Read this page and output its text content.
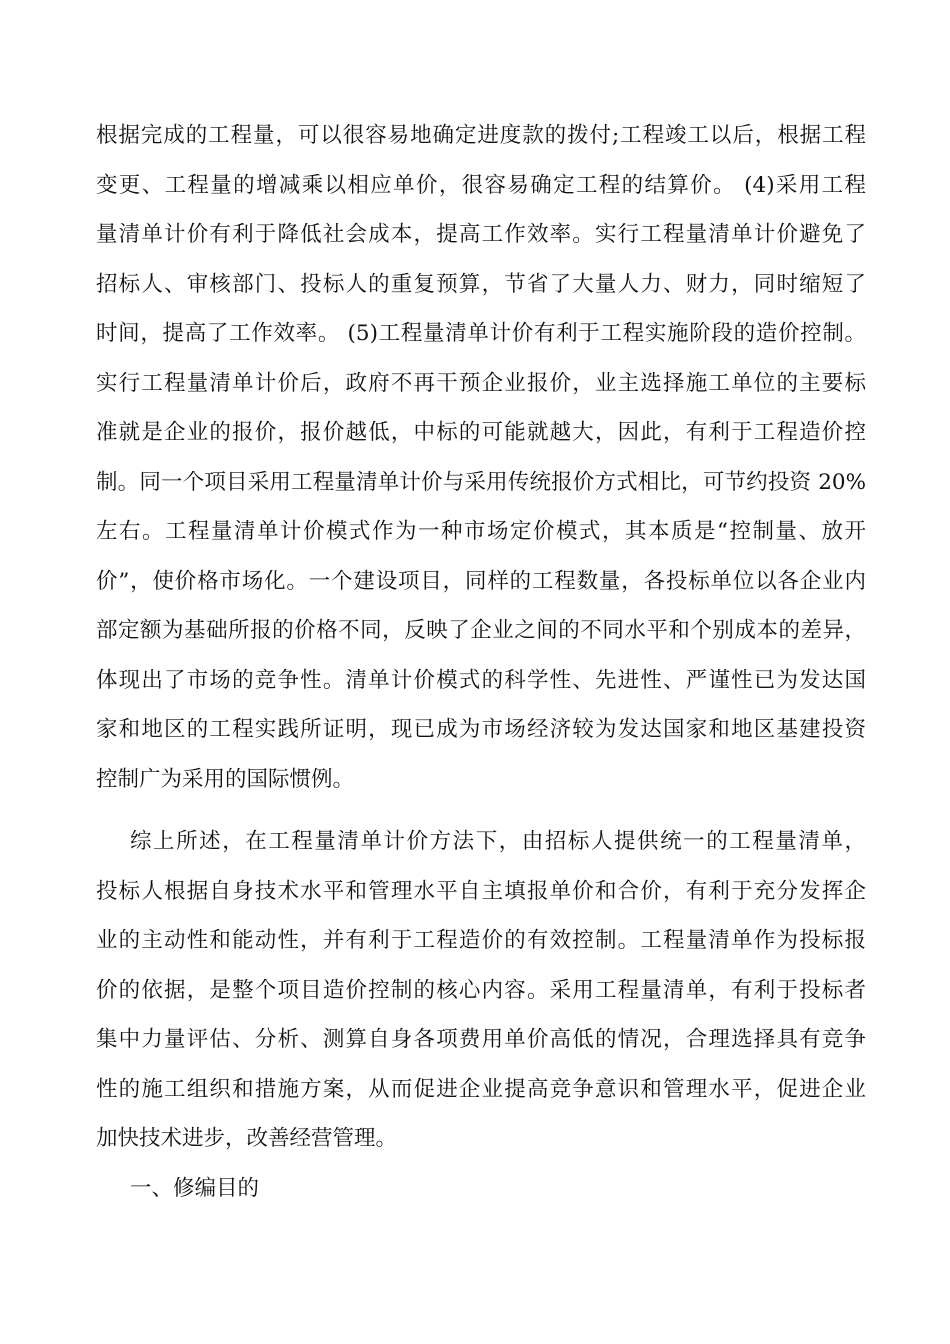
根据完成的工程量，可以很容易地确定进度款的拨付;工程竣工以后，根据工程
变更、工程量的增减乘以相应单价，很容易确定工程的结算价。 (4)采用工程
量清单计价有利于降低社会成本，提高工作效率。实行工程量清单计价避免了
招标人、审核部门、投标人的重复预算，节省了大量人力、财力，同时缩短了
时间，提高了工作效率。 (5)工程量清单计价有利于工程实施阶段的造价控制。
实行工程量清单计价后，政府不再干预企业报价，业主选择施工单位的主要标
准就是企业的报价，报价越低，中标的可能就越大，因此，有利于工程造价控
制。同一个项目采用工程量清单计价与采用传统报价方式相比，可节约投资 20%
左右。工程量清单计价模式作为一种市场定价模式，其本质是“控制量、放开
价”，使价格市场化。一个建设项目，同样的工程数量，各投标单位以各企业内
部定额为基础所报的价格不同，反映了企业之间的不同水平和个别成本的差异，
体现出了市场的竞争性。清单计价模式的科学性、先进性、严谨性已为发达国
家和地区的工程实践所证明，现已成为市场经济较为发达国家和地区基建投资
控制广为采用的国际惯例。
综上所述，在工程量清单计价方法下，由招标人提供统一的工程量清单，
投标人根据自身技术水平和管理水平自主填报单价和合价，有利于充分发挥企
业的主动性和能动性，并有利于工程造价的有效控制。工程量清单作为投标报
价的依据，是整个项目造价控制的核心内容。采用工程量清单，有利于投标者
集中力量评估、分析、测算自身各项费用单价高低的情况，合理选择具有竞争
性的施工组织和措施方案，从而促进企业提高竞争意识和管理水平，促进企业
加快技术进步，改善经营管理。
一、修编目的
